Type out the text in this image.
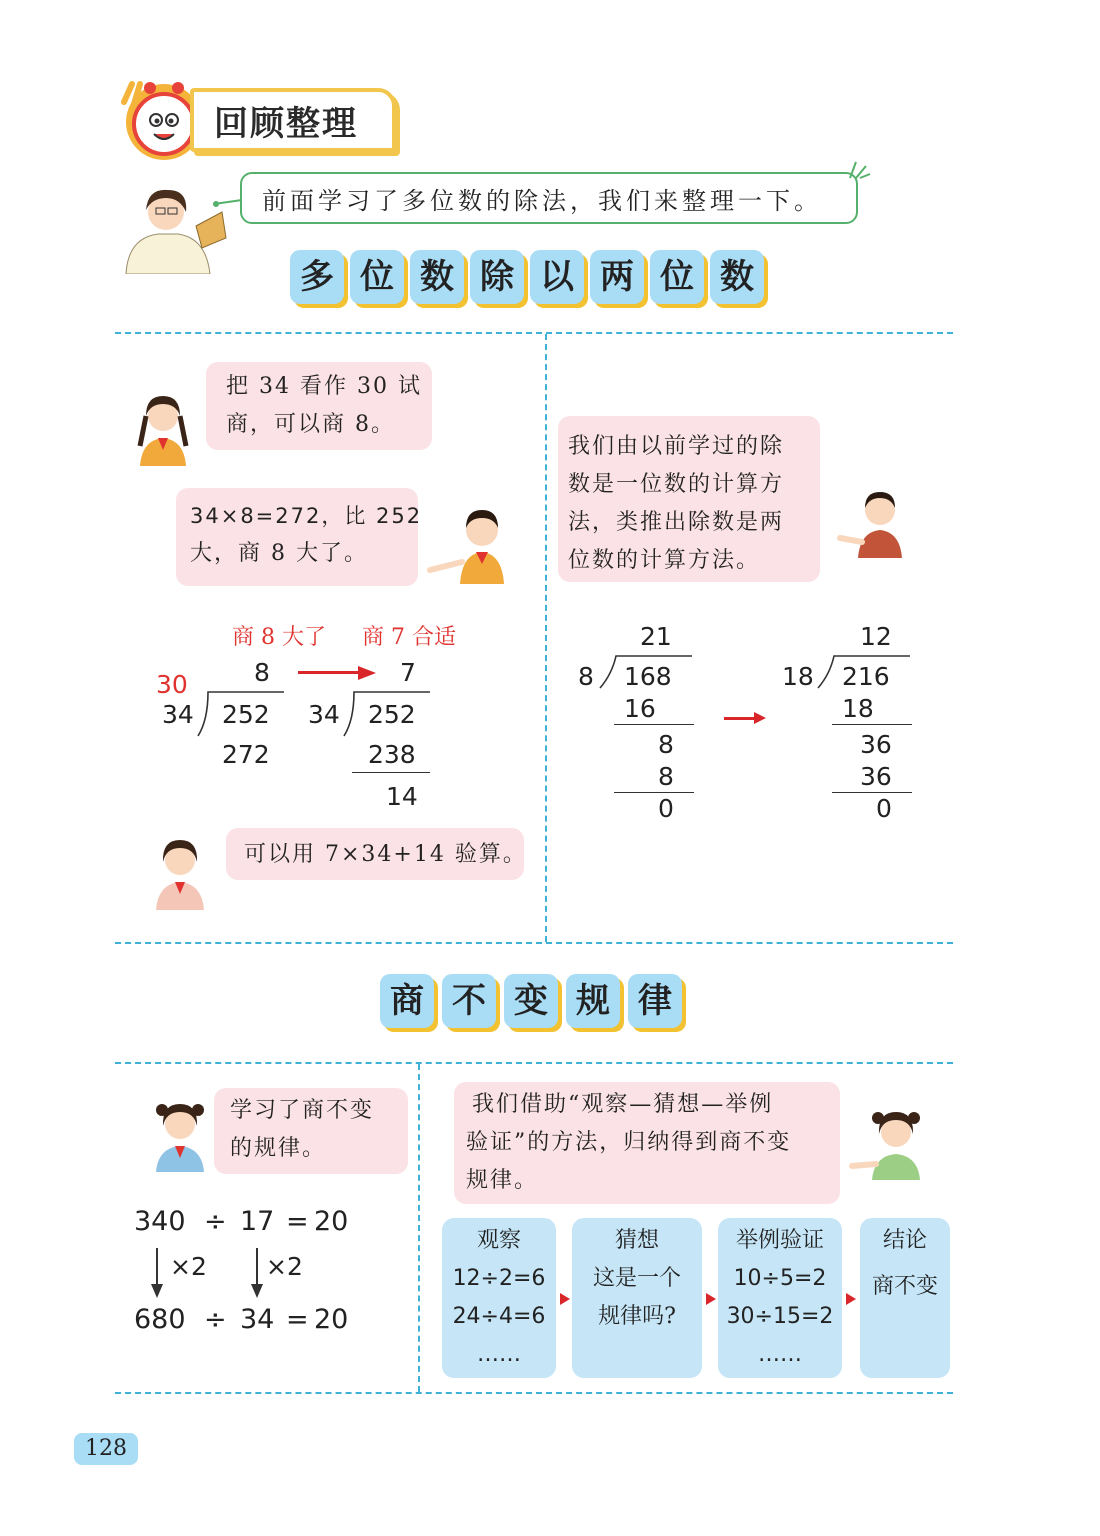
回顾整理
前面学习了多位数的除法，我们来整理一下。
多 位 数 除 以 两 位 数
把 34 看作 30 试
商，可以商 8。
34×8=272，比 252
大，商 8 大了。
商 8 大了 商 7 合适
30	8	7
34 252
272
34 252
238
14
可以用 7×34+14 验算。
我们由以前学过的除
数是一位数的计算方
法，类推出除数是两
位数的计算方法。
21
8 168
16
8
8
0
12
18 216
18
36
36
0
商 不 变 规 律
学习了商不变
的规律。
340 ÷ 17 = 20
×2 ×2
680 ÷ 34 = 20
我们借助“观察—猜想—举例
验证”的方法，归纳得到商不变
规律。
观察
12÷2=6
24÷4=6
……
猜想
这是一个
规律吗?
举例验证
10÷5=2
30÷15=2
……
结论
商不变
128
